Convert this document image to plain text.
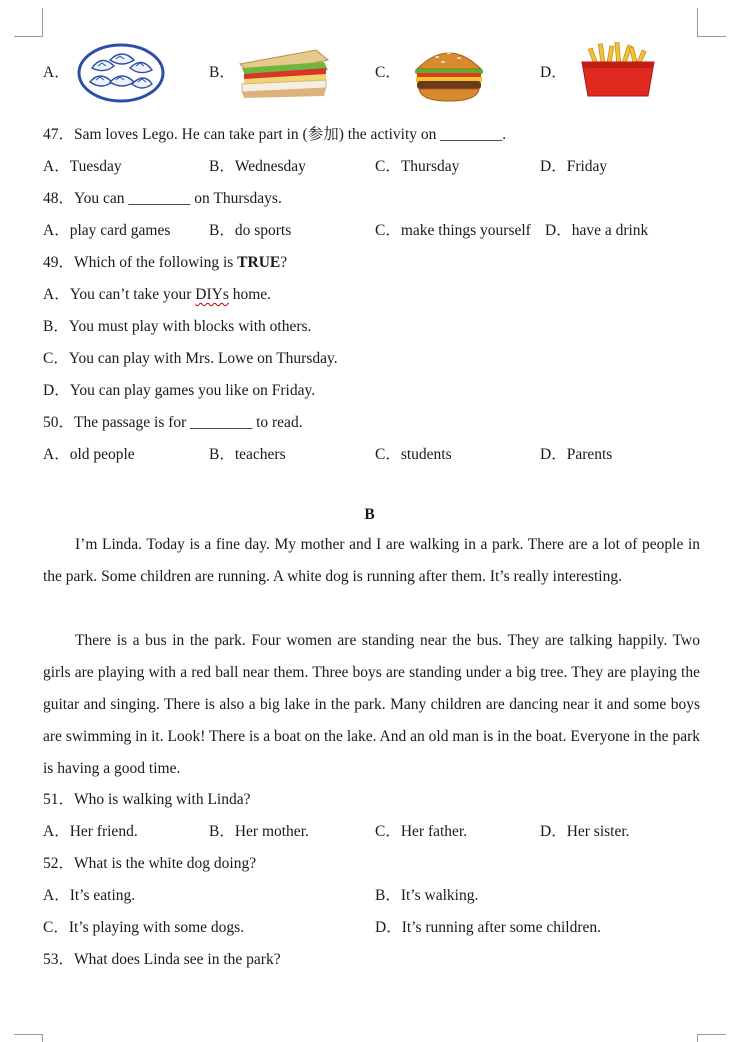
A．	B．	C．	D．
47．Sam loves Lego. He can take part in (参加) the activity on ________.
A．Tuesday	B．Wednesday	C．Thursday	D．Friday
48．You can ________ on Thursdays.
A．play card games B．do sports	C．make things yourself D．have a drink
49．Which of the following is TRUE?
A．You can’t take your DIYs home.
B．You must play with blocks with others.
C．You can play with Mrs. Lowe on Thursday.
D．You can play games you like on Friday.
50．The passage is for ________ to read.
A．old people	B．teachers	C．students	D．Parents
B
I’m Linda. Today is a fine day. My mother and I are walking in a park. There are a lot of people in the park. Some children are running. A white dog is running after them. It’s really interesting.
There is a bus in the park. Four women are standing near the bus. They are talking happily. Two girls are playing with a red ball near them. Three boys are standing under a big tree. They are playing the guitar and singing. There is also a big lake in the park. Many children are dancing near it and some boys are swimming in it. Look! There is a boat on the lake. And an old man is in the boat. Everyone in the park is having a good time.
51．Who is walking with Linda?
A．Her friend.	B．Her mother.	C．Her father.	D．Her sister.
52．What is the white dog doing?
A．It’s eating.	B．It’s walking.
C．It’s playing with some dogs.	D．It’s running after some children.
53．What does Linda see in the park?
